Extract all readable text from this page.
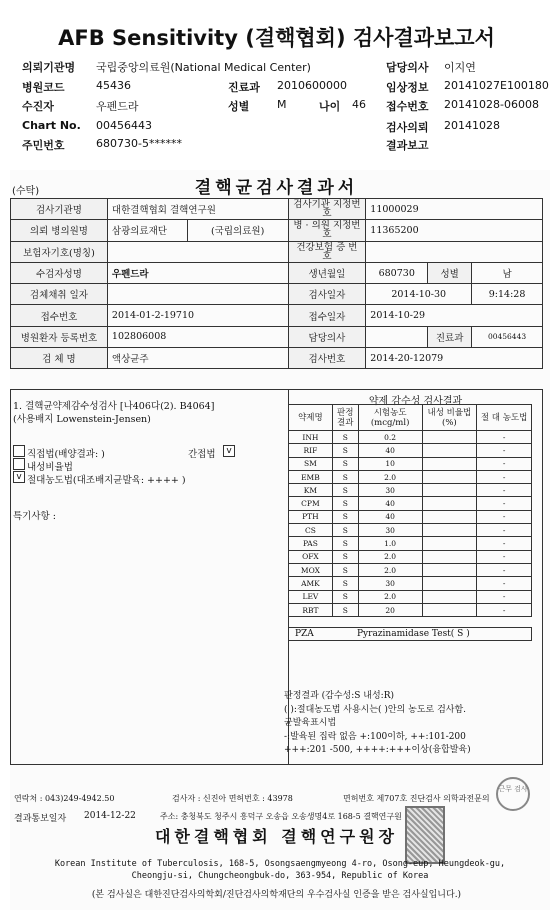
AFB Sensitivity (결핵협회) 검사결과보고서
의뢰기관명 국립중앙의료원(National Medical Center)	담당의사 이지연
병원코드	45436	진료과 2010600000	임상정보 20141027E100180
수진자	우펜드라	성별	M	나이 46 접수번호 20141028-06008
Chart No. 00456443	검사의뢰 20141028
주민번호	680730-5******	결과보고
(수탁)	결핵균검사결과서
검사기관명	대한결핵협회 결핵연구원		검사기관 지정번호	11000029		
의뢰 병의원명	삼광의료재단	(국립의료원)	병 · 의원 지정번호	11365200		
보험자기호(명칭)			건강보험 증 번 호			
수검자성명	우펜드라		생년월일	680730	성별	남
검체채취 일자			검사일자	2014-10-30		9:14:28
접수번호	2014-01-2-19710		접수일자	2014-10-29		
병원환자 등록번호	102806008		담당의사		진료과	00456443
검 체 명	액상균주		검사번호	2014-20-12079		
1. 결핵균약제감수성검사 [나406다(2). B4064]
(사용배지 Lowenstein-Jensen)
직접법(배양결과: )	간접법	v
내성비율법
v 절대농도법(대조배지균발육: ++++ )
특기사항 :
약제 감수성 검사결과
약제명	판정 결과	시험농도 (mcg/ml)	내성 비율법(%)	절 대 농도법
INH	S	0.2		-
RIF	S	40		-
SM	S	10		-
EMB	S	2.0		-
KM	S	30		-
CPM	S	40		-
PTH	S	40		-
CS	S	30		-
PAS	S	1.0		-
OFX	S	2.0		-
MOX	S	2.0		-
AMK	S	30		-
LEV	S	2.0		-
RBT	S	20		-
PZA	Pyrazinamidase Test( S )
판정결과 (감수성:S 내성:R)
( ):절대농도법 사용시는( )안의 농도로 검사함.
균발육표시법
-:발육된 집락 없음 +:100이하, ++:101-200
+++:201 -500, ++++:+++이상(융합발육)
연락처 : 043)249-4942.50	검사자 : 신진아 면허번호 : 43978	면허번호 제707호 진단검사 의학과전문의
결과통보일자 2014-12-22	주소: 충청북도 청주시 흥덕구 오송읍 오송생명4로 168-5 결핵연구원
근무 검사
대한결핵협회 결핵연구원장
Korean Institute of Tuberculosis, 168-5, Osongsaengmyeong 4-ro, Osong-eup, Heungdeok-gu,
Cheongju-si, Chungcheongbuk-do, 363-954, Republic of Korea
(본 검사실은 대한진단검사의학회/진단검사의학재단의 우수검사실 인증을 받은 검사실입니다.)
